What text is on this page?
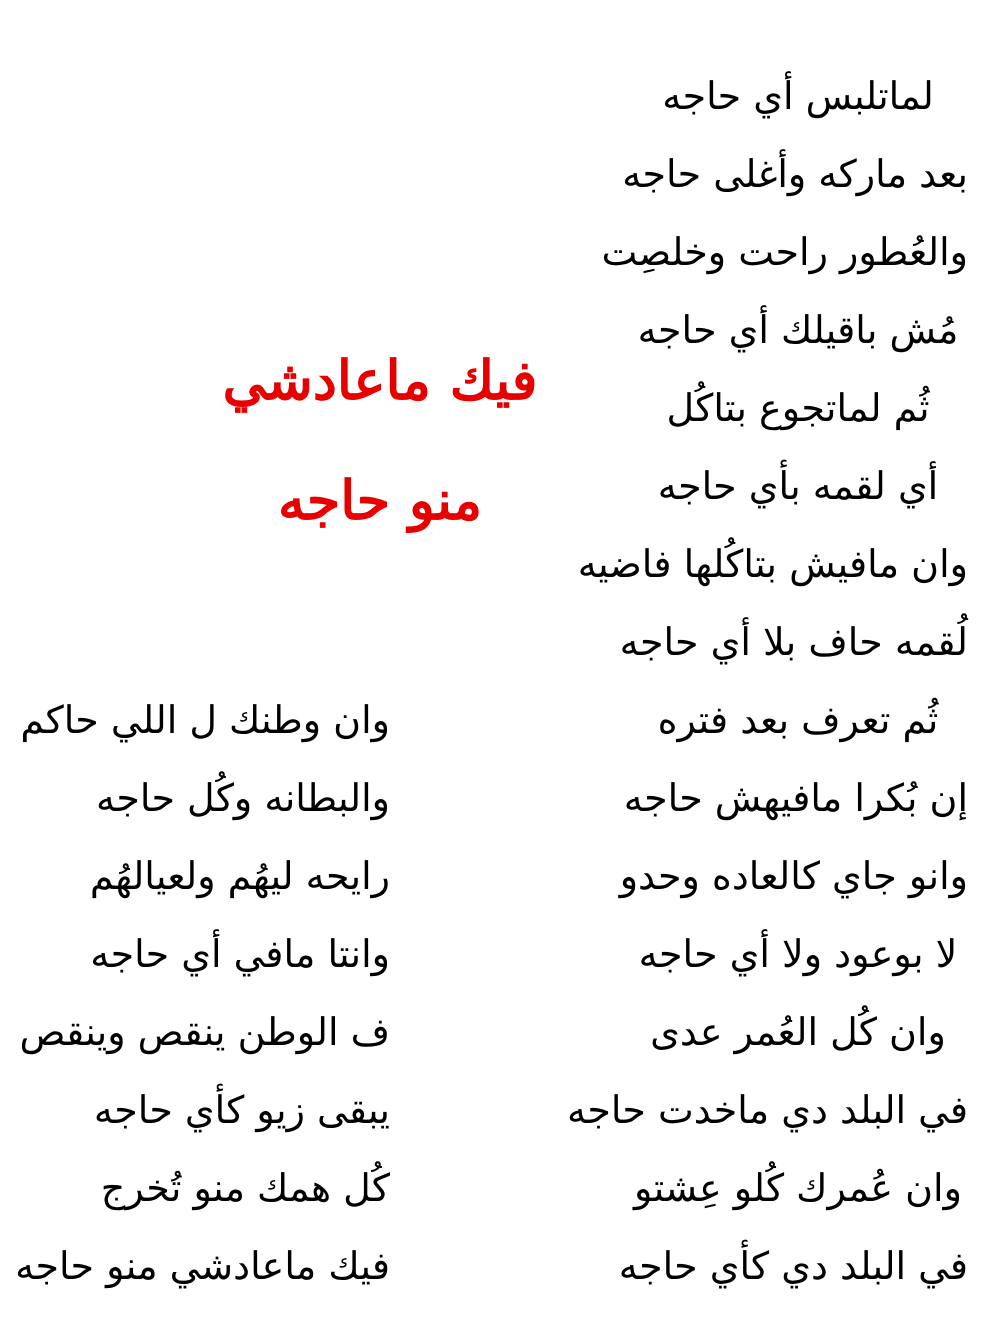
لماتلبس أي حاجه
بعد ماركه وأغلى حاجه
والعُطور راحت وخلصِت
مُش باقيلك أي حاجه
ثُم لماتجوع بتاكُل
أي لقمه بأي حاجه
وان مافيش بتاكُلها فاضيه
لُقمه حاف بلا أي حاجه
ثُم تعرف بعد فتره
إن بُكرا مافيهش حاجه
وانو جاي كالعاده وحدو
لا بوعود ولا أي حاجه
وان كُل العُمر عدى
في البلد دي ماخدت حاجه
وان عُمرك كُلو عِشتو
في البلد دي كأي حاجه
فيك ماعادشي
منو حاجه
وان وطنك ل اللي حاكم
والبطانه وكُل حاجه
رايحه ليهُم ولعيالهُم
وانتا مافي أي حاجه
ف الوطن ينقص وينقص
يبقى زيو كأي حاجه
كُل همك منو تُخرج
فيك ماعادشي منو حاجه
